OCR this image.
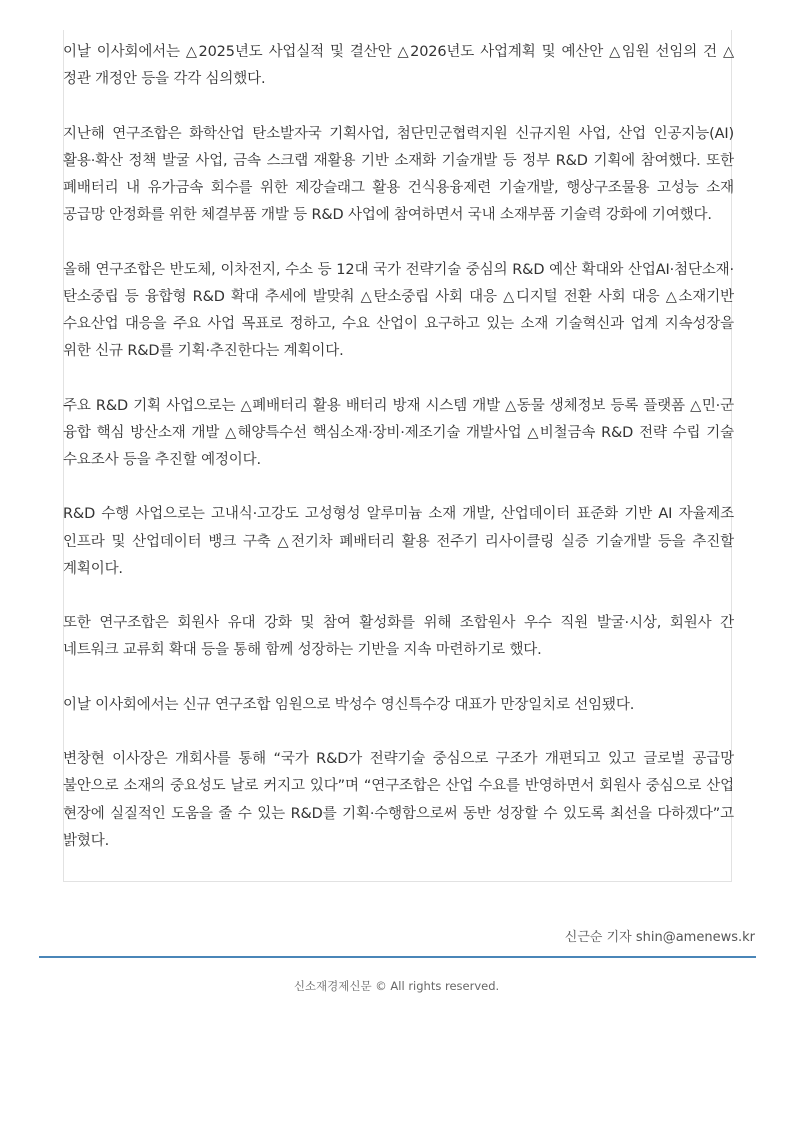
이날 이사회에서는 △2025년도 사업실적 및 결산안 △2026년도 사업계획 및 예산안 △임원 선임의 건 △정관 개정안 등을 각각 심의했다.

지난해 연구조합은 화학산업 탄소발자국 기획사업, 첨단민군협력지원 신규지원 사업, 산업 인공지능(AI) 활용·확산 정책 발굴 사업, 금속 스크랩 재활용 기반 소재화 기술개발 등 정부 R&D 기획에 참여했다. 또한 폐배터리 내 유가금속 회수를 위한 제강슬래그 활용 건식용융제련 기술개발, 행상구조물용 고성능 소재 공급망 안정화를 위한 체결부품 개발 등 R&D 사업에 참여하면서 국내 소재부품 기술력 강화에 기여했다.

올해 연구조합은 반도체, 이차전지, 수소 등 12대 국가 전략기술 중심의 R&D 예산 확대와 산업AI·첨단소재·탄소중립 등 융합형 R&D 확대 추세에 발맞춰 △탄소중립 사회 대응 △디지털 전환 사회 대응 △소재기반 수요산업 대응을 주요 사업 목표로 정하고, 수요 산업이 요구하고 있는 소재 기술혁신과 업계 지속성장을 위한 신규 R&D를 기획·추진한다는 계획이다.

주요 R&D 기획 사업으로는 △폐배터리 활용 배터리 방재 시스템 개발 △동물 생체정보 등록 플랫폼 △민·군 융합 핵심 방산소재 개발 △해양특수선 핵심소재·장비·제조기술 개발사업 △비철금속 R&D 전략 수립 기술 수요조사 등을 추진할 예정이다.

R&D 수행 사업으로는 고내식·고강도 고성형성 알루미늄 소재 개발, 산업데이터 표준화 기반 AI 자율제조 인프라 및 산업데이터 뱅크 구축 △전기차 폐배터리 활용 전주기 리사이클링 실증 기술개발 등을 추진할 계획이다.

또한 연구조합은 회원사 유대 강화 및 참여 활성화를 위해 조합원사 우수 직원 발굴·시상, 회원사 간 네트워크 교류회 확대 등을 통해 함께 성장하는 기반을 지속 마련하기로 했다.

이날 이사회에서는 신규 연구조합 임원으로 박성수 영신특수강 대표가 만장일치로 선임됐다.

변창현 이사장은 개회사를 통해 “국가 R&D가 전략기술 중심으로 구조가 개편되고 있고 글로벌 공급망 불안으로 소재의 중요성도 날로 커지고 있다”며 “연구조합은 산업 수요를 반영하면서 회원사 중심으로 산업 현장에 실질적인 도움을 줄 수 있는 R&D를 기획·수행함으로써 동반 성장할 수 있도록 최선을 다하겠다”고 밝혔다.

신근순 기자 shin@amenews.kr
신소재경제신문 © All rights reserved.
